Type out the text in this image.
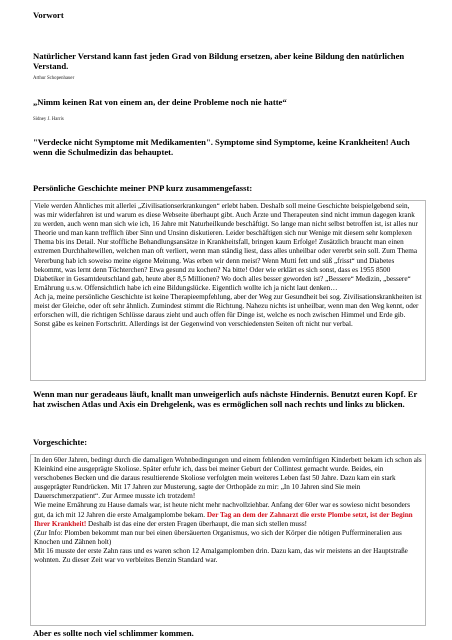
Vorwort

Natürlicher Verstand kann fast jeden Grad von Bildung ersetzen, aber keine Bildung den natürlichen Verstand.

Arthur Schopenhauer

„Nimm keinen Rat von einem an, der deine Probleme noch nie hatte“

Sidney J. Harris

"Verdecke nicht Symptome mit Medikamenten". Symptome sind Symptome, keine Krankheiten! Auch wenn die Schulmedizin das behauptet.

Persönliche Geschichte meiner PNP kurz zusammengefasst:

Viele werden Ähnliches mit allerlei „Zivilisationserkrankungen“ erlebt haben. Deshalb soll meine Geschichte beispielgebend sein, was mir widerfahren ist und warum es diese Webseite überhaupt gibt. Auch Ärzte und Therapeuten sind nicht immun dagegen krank zu werden, auch wenn man sich wie ich, 16 Jahre mit Naturheilkunde beschäftigt. So lange man nicht selbst betroffen ist, ist alles nur Theorie und man kann trefflich über Sinn und Unsinn diskutieren. Leider beschäftigen sich nur Wenige mit diesem sehr komplexen Thema bis ins Detail. Nur stoffliche Behandlungsansätze in Krankheitsfall, bringen kaum Erfolge! Zusätzlich braucht man einen extremen Durchhaltewillen, welchen man oft verliert, wenn man ständig liest, dass alles unheilbar oder vererbt sein soll. Zum Thema Vererbung hab ich soweiso meine eigene Meinung. Was erben wir denn meist? Wenn Mutti fett und süß „frisst“ und Diabetes bekommt, was lernt denn Töchterchen? Etwa gesund zu kochen? Na bitte! Oder wie erklärt es sich sonst, dass es 1955 8500 Diabetiker in Gesamtdeutschland gab, heute aber 8,5 Millionen? Wo doch alles besser geworden ist? „Bessere“ Medizin, „bessere“ Ernährung u.s.w. Offensichtlich habe ich eine Bildungslücke. Eigentlich wollte ich ja nicht laut denken…

Ach ja, meine persönliche Geschichte ist keine Therapieempfehlung, aber der Weg zur Gesundheit bei sog. Zivilisationskrankheiten ist meist der Gleiche, oder oft sehr ähnlich. Zumindest stimmt die Richtung. Nahezu nichts ist unheilbar, wenn man den Weg kennt, oder erforschen will, die richtigen Schlüsse daraus zieht und auch offen für Dinge ist, welche es noch zwischen Himmel und Erde gib. Sonst gäbe es keinen Fortschritt. Allerdings ist der Gegenwind von verschiedensten Seiten oft nicht nur verbal.

Wenn man nur geradeaus läuft, knallt man unweigerlich aufs nächste Hindernis. Benutzt euren Kopf. Er hat zwischen Atlas und Axis ein Drehgelenk, was es ermöglichen soll nach rechts und links zu blicken.

Vorgeschichte:

In den 60er Jahren, bedingt durch die damaligen Wohnbedingungen und einem fehlenden vernünftigen Kinderbett bekam ich schon als Kleinkind eine ausgeprägte Skoliose. Später erfuhr ich, dass bei meiner Geburt der Collintest gemacht wurde. Beides, ein verschobenes Becken und die daraus resultierende Skoliose verfolgten mein weiteres Leben fast 50 Jahre. Dazu kam ein stark ausgeprägter Rundrücken. Mit 17 Jahren zur Musterung, sagte der Orthopäde zu mir: „In 10 Jahren sind Sie mein Dauerschmerzpatient“. Zur Armee musste ich trotzdem!

Wie meine Ernährung zu Hause damals war, ist heute nicht mehr nachvollziehbar. Anfang der 60er war es sowieso nicht besonders gut, da ich mit 12 Jahren die erste Amalgamplombe bekam. Der Tag an dem der Zahnarzt die erste Plombe setzt, ist der Beginn Ihrer Krankheit! Deshalb ist das eine der ersten Fragen überhaupt, die man sich stellen muss!

(Zur Info: Plomben bekommt man nur bei einen übersäuerten Organismus, wo sich der Körper die nötigen Puffermineralien aus Knochen und Zähnen holt)

Mit 16 musste der erste Zahn raus und es waren schon 12 Amalgamplomben drin. Dazu kam, das wir meistens an der Hauptstraße wohnten. Zu dieser Zeit war vo verbleites Benzin Standard war.

Aber es sollte noch viel schlimmer kommen.
